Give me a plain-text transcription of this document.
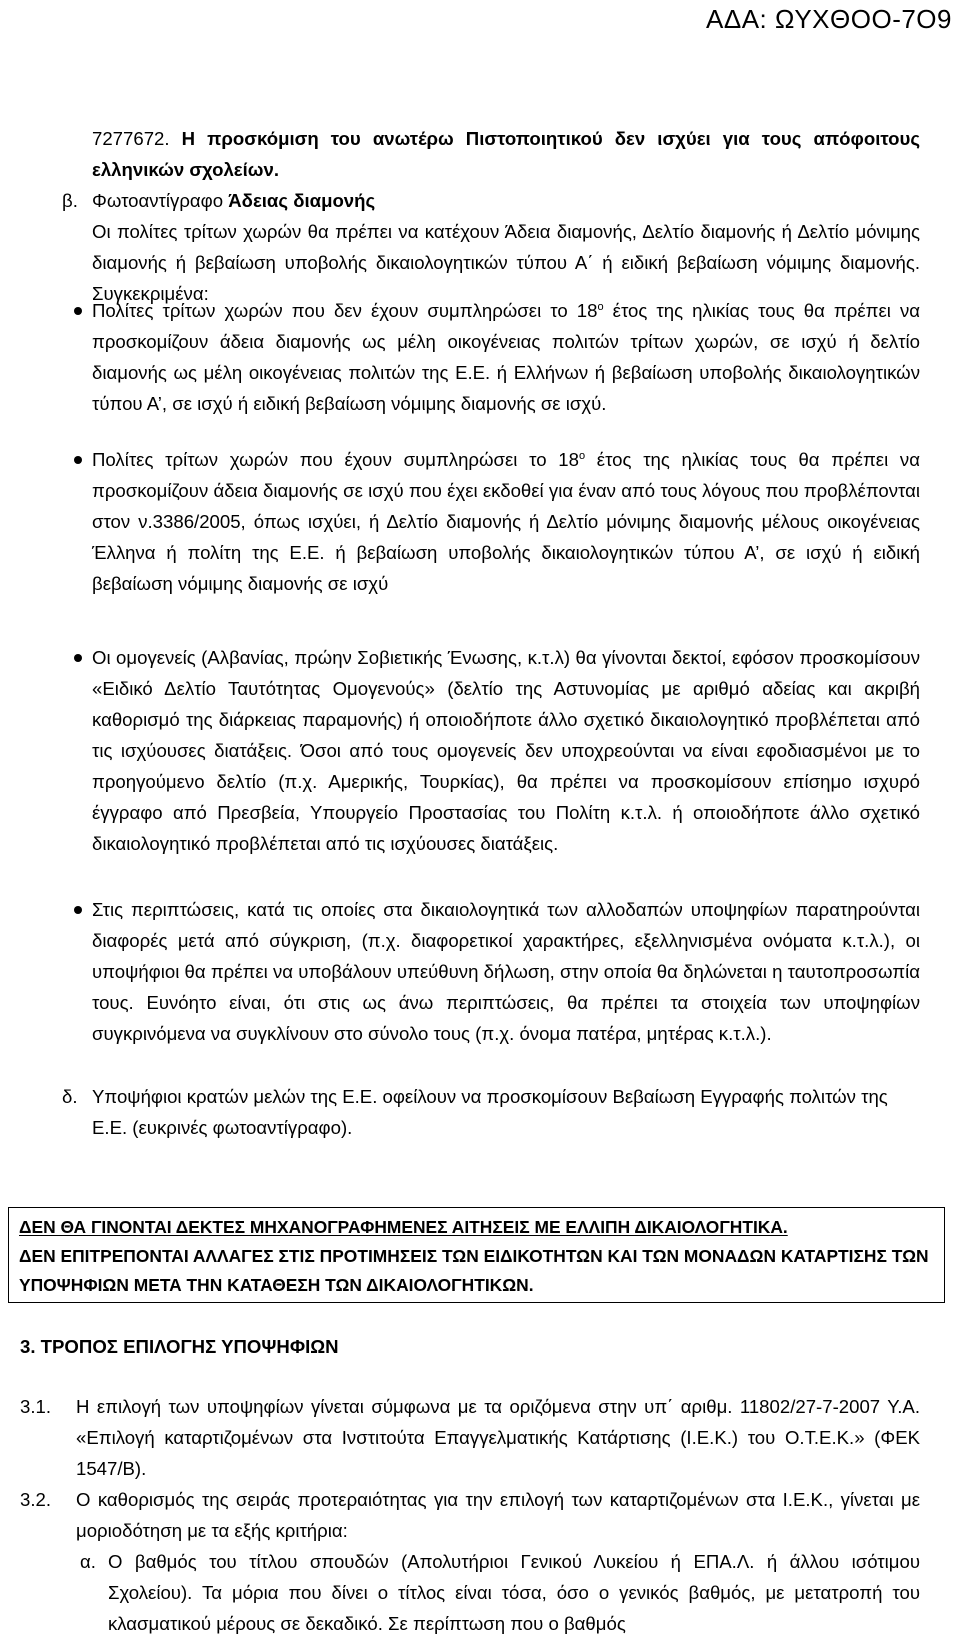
ΑΔΑ: ΩΥΧΘΟΟ-7Ο9
7277672. Η προσκόμιση του ανωτέρω Πιστοποιητικού δεν ισχύει για τους απόφοιτους ελληνικών σχολείων.
β. Φωτοαντίγραφο Άδειας διαμονής
Οι πολίτες τρίτων χωρών θα πρέπει να κατέχουν Άδεια διαμονής, Δελτίο διαμονής ή Δελτίο μόνιμης διαμονής ή βεβαίωση υποβολής δικαιολογητικών τύπου Α΄ ή ειδική βεβαίωση νόμιμης διαμονής. Συγκεκριμένα:
Πολίτες τρίτων χωρών που δεν έχουν συμπληρώσει το $18^o$ έτος της ηλικίας τους θα πρέπει να προσκομίζουν άδεια διαμονής ως μέλη οικογένειας πολιτών τρίτων χωρών, σε ισχύ ή δελτίο διαμονής ως μέλη οικογένειας πολιτών της Ε.Ε. ή Ελλήνων ή βεβαίωση υποβολής δικαιολογητικών τύπου Α’, σε ισχύ ή ειδική βεβαίωση νόμιμης διαμονής σε ισχύ.
Πολίτες τρίτων χωρών που έχουν συμπληρώσει το $18^o$ έτος της ηλικίας τους θα πρέπει να προσκομίζουν άδεια διαμονής σε ισχύ που έχει εκδοθεί για έναν από τους λόγους που προβλέπονται στον ν.3386/2005, όπως ισχύει, ή Δελτίο διαμονής ή Δελτίο μόνιμης διαμονής μέλους οικογένειας Έλληνα ή πολίτη της Ε.Ε. ή βεβαίωση υποβολής δικαιολογητικών τύπου Α’, σε ισχύ ή ειδική βεβαίωση νόμιμης διαμονής σε ισχύ
Οι ομογενείς (Αλβανίας, πρώην Σοβιετικής Ένωσης, κ.τ.λ) θα γίνονται δεκτοί, εφόσον προσκομίσουν «Ειδικό Δελτίο Ταυτότητας Ομογενούς» (δελτίο της Αστυνομίας με αριθμό αδείας και ακριβή καθορισμό της διάρκειας παραμονής) ή οποιοδήποτε άλλο σχετικό δικαιολογητικό προβλέπεται από τις ισχύουσες διατάξεις. Όσοι από τους ομογενείς δεν υποχρεούνται να είναι εφοδιασμένοι με το προηγούμενο δελτίο (π.χ. Αμερικής, Τουρκίας), θα πρέπει να προσκομίσουν επίσημο ισχυρό έγγραφο από Πρεσβεία, Υπουργείο Προστασίας του Πολίτη κ.τ.λ. ή οποιοδήποτε άλλο σχετικό δικαιολογητικό προβλέπεται από τις ισχύουσες διατάξεις.
Στις περιπτώσεις, κατά τις οποίες στα δικαιολογητικά των αλλοδαπών υποψηφίων παρατηρούνται διαφορές μετά από σύγκριση, (π.χ. διαφορετικοί χαρακτήρες, εξελληνισμένα ονόματα κ.τ.λ.), οι υποψήφιοι θα πρέπει να υποβάλουν υπεύθυνη δήλωση, στην οποία θα δηλώνεται η ταυτοπροσωπία τους. Ευνόητο είναι, ότι στις ως άνω περιπτώσεις, θα πρέπει τα στοιχεία των υποψηφίων συγκρινόμενα να συγκλίνουν στο σύνολο τους (π.χ. όνομα πατέρα, μητέρας κ.τ.λ.).
δ. Υποψήφιοι κρατών μελών της Ε.Ε. οφείλουν να προσκομίσουν Βεβαίωση Εγγραφής πολιτών της Ε.Ε. (ευκρινές φωτοαντίγραφο).
ΔΕΝ ΘΑ ΓΙΝΟΝΤΑΙ ΔΕΚΤΕΣ ΜΗΧΑΝΟΓΡΑΦΗΜΕΝΕΣ ΑΙΤΗΣΕΙΣ ΜΕ ΕΛΛΙΠΗ ΔΙΚΑΙΟΛΟΓΗΤΙΚΑ.
ΔΕΝ ΕΠΙΤΡΕΠΟΝΤΑΙ ΑΛΛΑΓΕΣ ΣΤΙΣ ΠΡΟΤΙΜΗΣΕΙΣ ΤΩΝ ΕΙΔΙΚΟΤΗΤΩΝ ΚΑΙ ΤΩΝ ΜΟΝΑΔΩΝ ΚΑΤΑΡΤΙΣΗΣ ΤΩΝ ΥΠΟΨΗΦΙΩΝ ΜΕΤΑ ΤΗΝ ΚΑΤΑΘΕΣΗ ΤΩΝ ΔΙΚΑΙΟΛΟΓΗΤΙΚΩΝ.
3. ΤΡΟΠΟΣ ΕΠΙΛΟΓΗΣ ΥΠΟΨΗΦΙΩΝ
3.1. Η επιλογή των υποψηφίων γίνεται σύμφωνα με τα οριζόμενα στην υπ΄ αριθμ. 11802/27-7-2007 Υ.Α. «Επιλογή καταρτιζομένων στα Ινστιτούτα Επαγγελματικής Κατάρτισης (Ι.Ε.Κ.) του Ο.Τ.Ε.Κ.» (ΦΕΚ 1547/Β).
3.2. Ο καθορισμός της σειράς προτεραιότητας για την επιλογή των καταρτιζομένων στα Ι.Ε.Κ., γίνεται με μοριοδότηση με τα εξής κριτήρια:
α. Ο βαθμός του τίτλου σπουδών (Απολυτήριοι Γενικού Λυκείου ή ΕΠΑ.Λ. ή άλλου ισότιμου Σχολείου). Τα μόρια που δίνει ο τίτλος είναι τόσα, όσο ο γενικός βαθμός, με μετατροπή του κλασματικού μέρους σε δεκαδικό. Σε περίπτωση που ο βαθμός
